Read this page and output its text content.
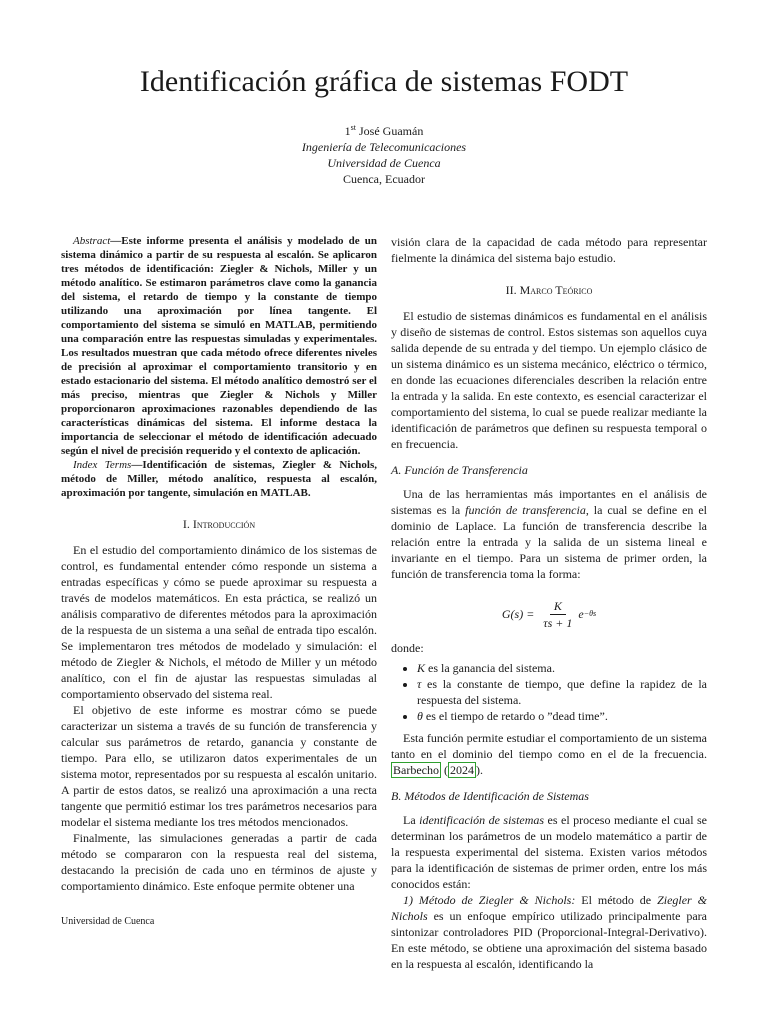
Identificación gráfica de sistemas FODT
1st José Guamán
Ingeniería de Telecomunicaciones
Universidad de Cuenca
Cuenca, Ecuador

Abstract—Este informe presenta el análisis y modelado de un sistema dinámico a partir de su respuesta al escalón. Se aplicaron tres métodos de identificación: Ziegler & Nichols, Miller y un método analítico. Se estimaron parámetros clave como la ganancia del sistema, el retardo de tiempo y la constante de tiempo utilizando una aproximación por línea tangente. El comportamiento del sistema se simuló en MATLAB, permitiendo una comparación entre las respuestas simuladas y experimentales. Los resultados muestran que cada método ofrece diferentes niveles de precisión al aproximar el comportamiento transitorio y en estado estacionario del sistema. El método analítico demostró ser el más preciso, mientras que Ziegler & Nichols y Miller proporcionaron aproximaciones razonables dependiendo de las características dinámicas del sistema. El informe destaca la importancia de seleccionar el método de identificación adecuado según el nivel de precisión requerido y el contexto de aplicación.

Index Terms—Identificación de sistemas, Ziegler & Nichols, método de Miller, método analítico, respuesta al escalón, aproximación por tangente, simulación en MATLAB.

I. Introducción

En el estudio del comportamiento dinámico de los sistemas de control, es fundamental entender cómo responde un sistema a entradas específicas y cómo se puede aproximar su respuesta a través de modelos matemáticos. En esta práctica, se realizó un análisis comparativo de diferentes métodos para la aproximación de la respuesta de un sistema a una señal de entrada tipo escalón. Se implementaron tres métodos de modelado y simulación: el método de Ziegler & Nichols, el método de Miller y un método analítico, con el fin de ajustar las respuestas simuladas al comportamiento observado del sistema real.

El objetivo de este informe es mostrar cómo se puede caracterizar un sistema a través de su función de transferencia y calcular sus parámetros de retardo, ganancia y constante de tiempo. Para ello, se utilizaron datos experimentales de un sistema motor, representados por su respuesta al escalón unitario. A partir de estos datos, se realizó una aproximación a una recta tangente que permitió estimar los tres parámetros necesarios para modelar el sistema mediante los tres métodos mencionados.

Finalmente, las simulaciones generadas a partir de cada método se compararon con la respuesta real del sistema, destacando la precisión de cada uno en términos de ajuste y comportamiento dinámico. Este enfoque permite obtener una

visión clara de la capacidad de cada método para representar fielmente la dinámica del sistema bajo estudio.

II. Marco Teórico

El estudio de sistemas dinámicos es fundamental en el análisis y diseño de sistemas de control. Estos sistemas son aquellos cuya salida depende de su entrada y del tiempo. Un ejemplo clásico de un sistema dinámico es un sistema mecánico, eléctrico o térmico, en donde las ecuaciones diferenciales describen la relación entre la entrada y la salida. En este contexto, es esencial caracterizar el comportamiento del sistema, lo cual se puede realizar mediante la identificación de parámetros que definen su respuesta temporal o en frecuencia.

A. Función de Transferencia

Una de las herramientas más importantes en el análisis de sistemas es la función de transferencia, la cual se define en el dominio de Laplace. La función de transferencia describe la relación entre la entrada y la salida de un sistema lineal e invariante en el tiempo. Para un sistema de primer orden, la función de transferencia toma la forma:

G(s) =
$\frac{K}{\tau s + 1}$ e −θs

donde:

• K es la ganancia del sistema.
• τ es la constante de tiempo, que define la rapidez de la respuesta del sistema.
• θ es el tiempo de retardo o ”dead time”.

Esta función permite estudiar el comportamiento de un sistema tanto en el dominio del tiempo como en el de la frecuencia. Barbecho ( 2024 ).

B. Métodos de Identificación de Sistemas

La identificación de sistemas es el proceso mediante el cual se determinan los parámetros de un modelo matemático a partir de la respuesta experimental del sistema. Existen varios métodos para la identificación de sistemas de primer orden, entre los más conocidos están:

1) Método de Ziegler & Nichols: El método de Ziegler & Nichols es un enfoque empírico utilizado principalmente para sintonizar controladores PID (Proporcional-Integral-Derivativo). En este método, se obtiene una aproximación del sistema basado en la respuesta al escalón, identificando la

Universidad de Cuenca
